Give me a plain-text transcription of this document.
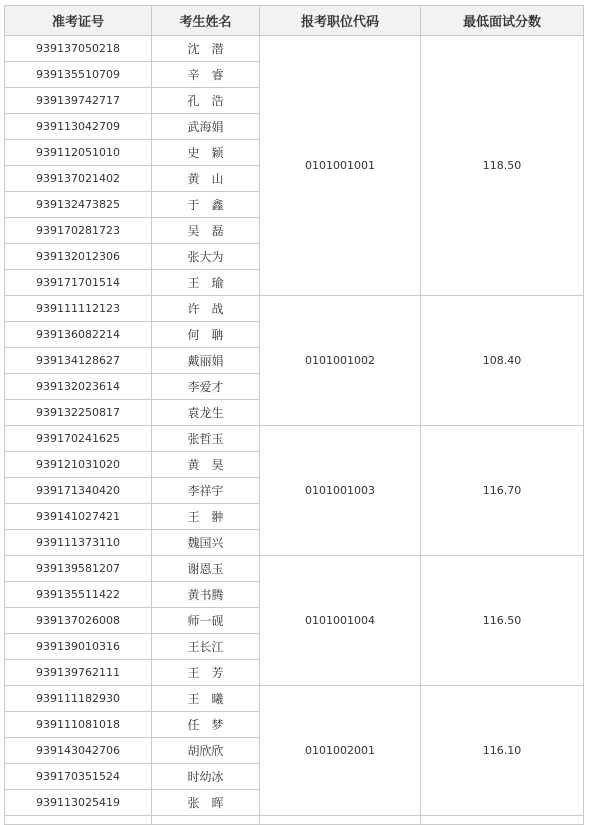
准考证号	考生姓名	报考职位代码	最低面试分数
939137050218	沈　潜	0101001001	118.50
939135510709	辛　睿		
939139742717	孔　浩		
939113042709	武海娟		
939112051010	史　颖		
939137021402	黄　山		
939132473825	于　鑫		
939170281723	吴　磊		
939132012306	张大为		
939171701514	王　瑜		
939111112123	许　战	0101001002	108.40
939136082214	何　聃		
939134128627	戴丽娟		
939132023614	李爱才		
939132250817	袁龙生		
939170241625	张哲玉	0101001003	116.70
939121031020	黄　昊		
939171340420	李祥宇		
939141027421	王　翀		
939111373110	魏国兴		
939139581207	谢恩玉	0101001004	116.50
939135511422	黄书腾		
939137026008	师一砚		
939139010316	王长江		
939139762111	王　芳		
939111182930	王　曦	0101002001	116.10
939111081018	任　梦		
939143042706	胡欣欣		
939170351524	时幼冰		
939113025419	张　晖		
